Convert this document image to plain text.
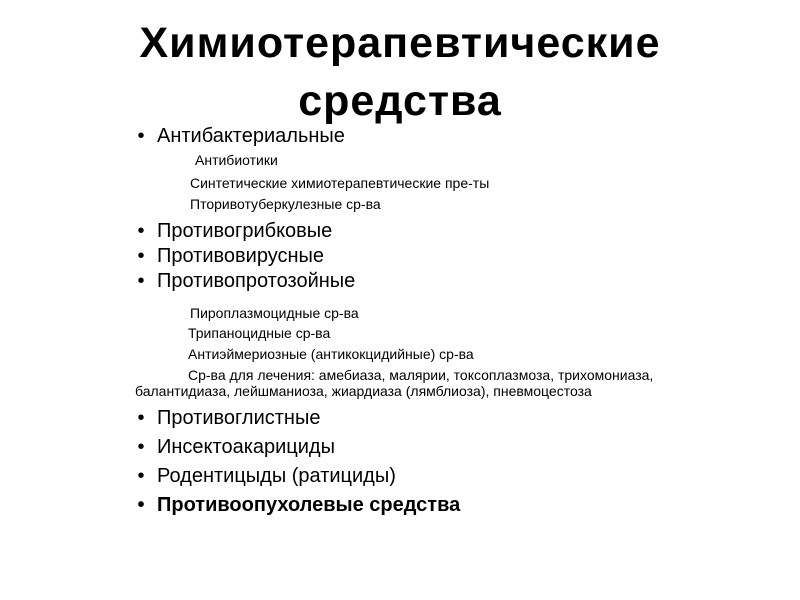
Химиотерапевтические
средства
• Антибактериальные
Антибиотики
Синтетические химиотерапевтические пре-ты
Пторивотуберкулезные ср-ва
• Противогрибковые
• Противовирусные
• Противопротозойные
Пироплазмоцидные ср-ва
Трипаноцидные ср-ва
Антиэймериозные (антикокцидийные) ср-ва
Ср-ва для лечения: амебиаза, малярии, токсоплазмоза, трихомониаза, балантидиаза, лейшманиоза, жиардиаза (лямблиоза), пневмоцестоза
• Противоглистные
• Инсектоакарициды
• Родентицыды (ратициды)
• Противоопухолевые средства
